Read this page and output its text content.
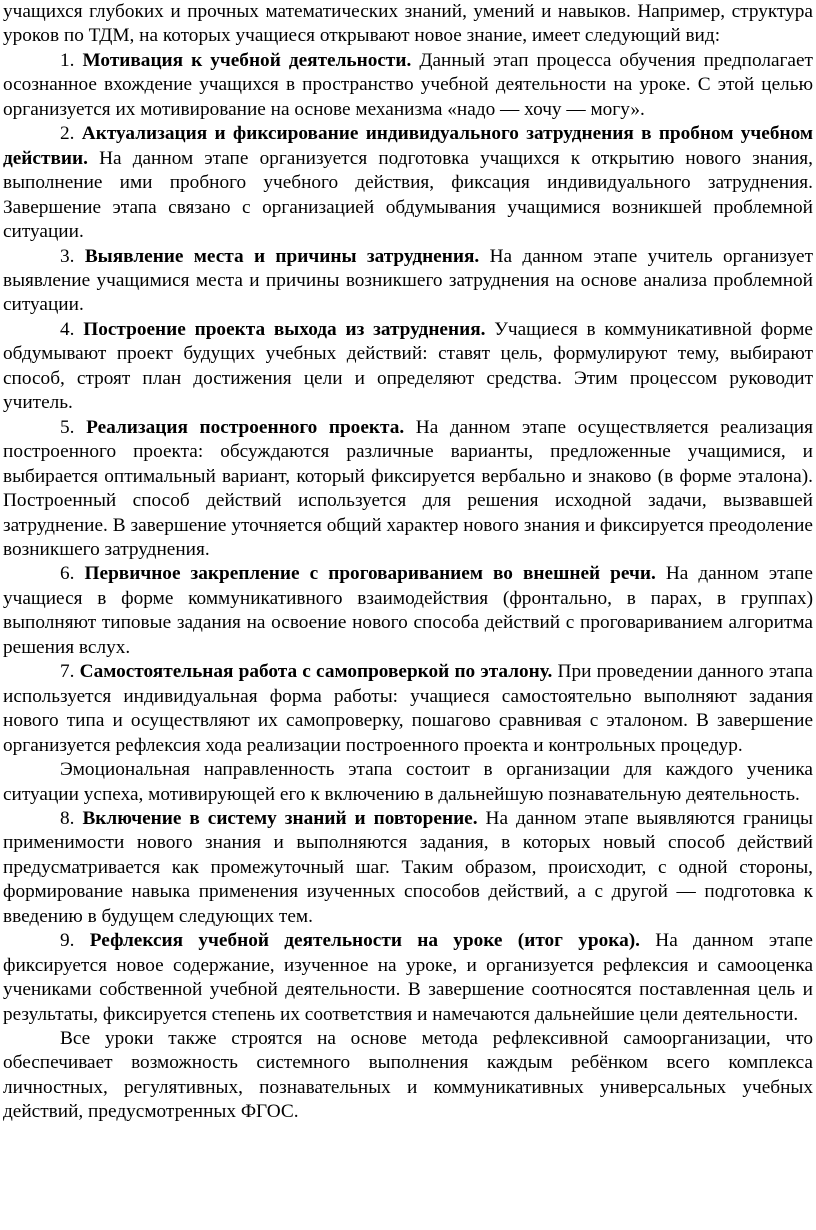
учащихся глубоких и прочных математических знаний, умений и навыков. Например, структура уроков по ТДМ, на которых учащиеся открывают новое знание, имеет следующий вид:

1. Мотивация к учебной деятельности. Данный этап процесса обучения предполагает осознанное вхождение учащихся в пространство учебной деятельности на уроке. С этой целью организуется их мотивирование на основе механизма «надо — хочу — могу».

2. Актуализация и фиксирование индивидуального затруднения в пробном учебном действии. На данном этапе организуется подготовка учащихся к открытию нового знания, выполнение ими пробного учебного действия, фиксация индивидуального затруднения. Завершение этапа связано с организацией обдумывания учащимися возникшей проблемной ситуации.

3. Выявление места и причины затруднения. На данном этапе учитель организует выявление учащимися места и причины возникшего затруднения на основе анализа проблемной ситуации.

4. Построение проекта выхода из затруднения. Учащиеся в коммуникативной форме обдумывают проект будущих учебных действий: ставят цель, формулируют тему, выбирают способ, строят план достижения цели и определяют средства. Этим процессом руководит учитель.

5. Реализация построенного проекта. На данном этапе осуществляется реализация построенного проекта: обсуждаются различные варианты, предложенные учащимися, и выбирается оптимальный вариант, который фиксируется вербально и знаково (в форме эталона). Построенный способ действий используется для решения исходной задачи, вызвавшей затруднение. В завершение уточняется общий характер нового знания и фиксируется преодоление возникшего затруднения.

6. Первичное закрепление с проговариванием во внешней речи. На данном этапе учащиеся в форме коммуникативного взаимодействия (фронтально, в парах, в группах) выполняют типовые задания на освоение нового способа действий с проговариванием алгоритма решения вслух.

7. Самостоятельная работа с самопроверкой по эталону. При проведении данного этапа используется индивидуальная форма работы: учащиеся самостоятельно выполняют задания нового типа и осуществляют их самопроверку, пошагово сравнивая с эталоном. В завершение организуется рефлексия хода реализации построенного проекта и контрольных процедур.

Эмоциональная направленность этапа состоит в организации для каждого ученика ситуации успеха, мотивирующей его к включению в дальнейшую познавательную деятельность.

8. Включение в систему знаний и повторение. На данном этапе выявляются границы применимости нового знания и выполняются задания, в которых новый способ действий предусматривается как промежуточный шаг. Таким образом, происходит, с одной стороны, формирование навыка применения изученных способов действий, а с другой — подготовка к введению в будущем следующих тем.

9. Рефлексия учебной деятельности на уроке (итог урока). На данном этапе фиксируется новое содержание, изученное на уроке, и организуется рефлексия и самооценка учениками собственной учебной деятельности. В завершение соотносятся поставленная цель и результаты, фиксируется степень их соответствия и намечаются дальнейшие цели деятельности.

Все уроки также строятся на основе метода рефлексивной самоорганизации, что обеспечивает возможность системного выполнения каждым ребёнком всего комплекса личностных, регулятивных, познавательных и коммуникативных универсальных учебных действий, предусмотренных ФГОС.
